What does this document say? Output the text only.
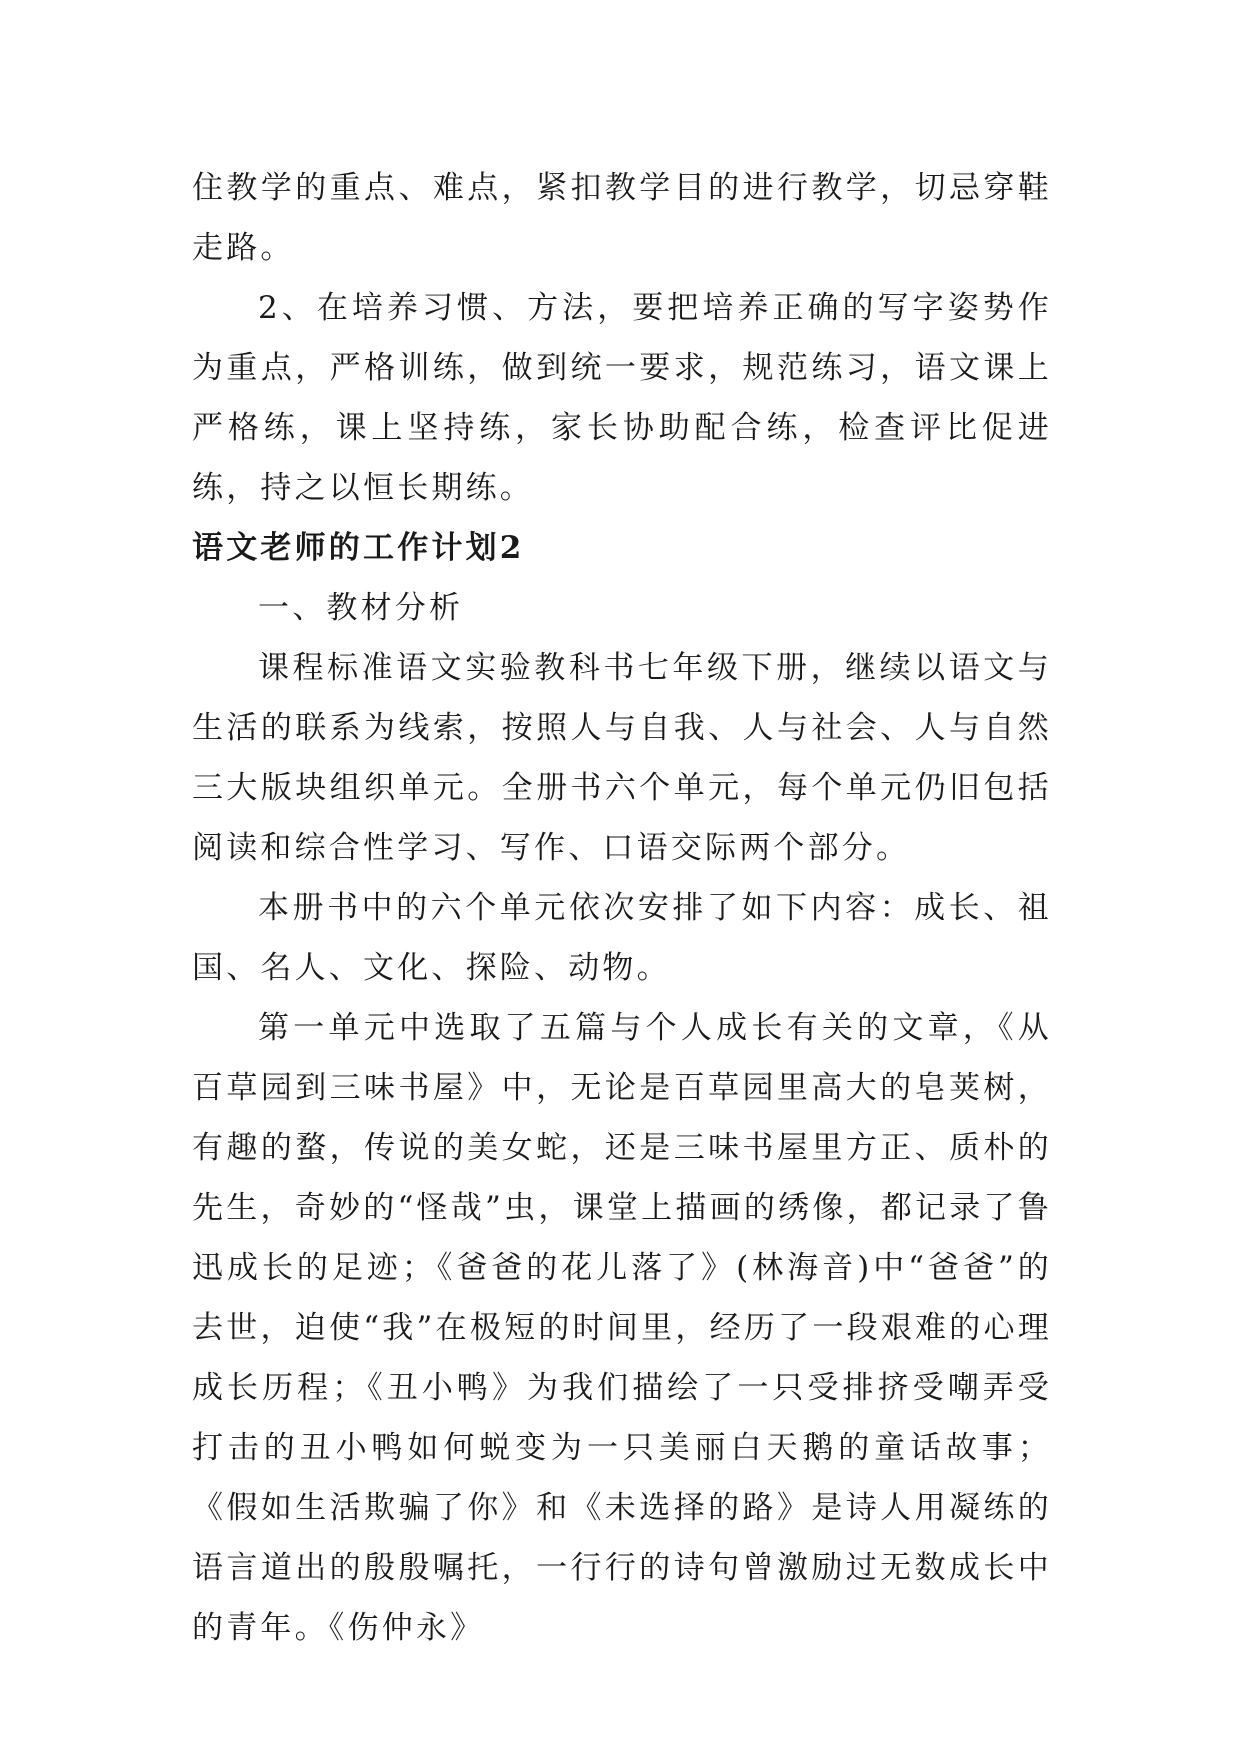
住教学的重点、难点，紧扣教学目的进行教学，切忌穿鞋走路。

2、在培养习惯、方法，要把培养正确的写字姿势作为重点，严格训练，做到统一要求，规范练习，语文课上严格练，课上坚持练，家长协助配合练，检查评比促进练，持之以恒长期练。

语文老师的工作计划2

一、教材分析

课程标准语文实验教科书七年级下册，继续以语文与生活的联系为线索，按照人与自我、人与社会、人与自然三大版块组织单元。全册书六个单元，每个单元仍旧包括阅读和综合性学习、写作、口语交际两个部分。

本册书中的六个单元依次安排了如下内容：成长、祖国、名人、文化、探险、动物。

第一单元中选取了五篇与个人成长有关的文章，《从百草园到三味书屋》中，无论是百草园里高大的皂荚树，有趣的蝥，传说的美女蛇，还是三味书屋里方正、质朴的先生，奇妙的“怪哉”虫，课堂上描画的绣像，都记录了鲁迅成长的足迹；《爸爸的花儿落了》(林海音)中“爸爸”的去世，迫使“我”在极短的时间里，经历了一段艰难的心理成长历程；《丑小鸭》为我们描绘了一只受排挤受嘲弄受打击的丑小鸭如何蜕变为一只美丽白天鹅的童话故事；《假如生活欺骗了你》和《未选择的路》是诗人用凝练的语言道出的殷殷嘱托，一行行的诗句曾激励过无数成长中的青年。《伤仲永》
